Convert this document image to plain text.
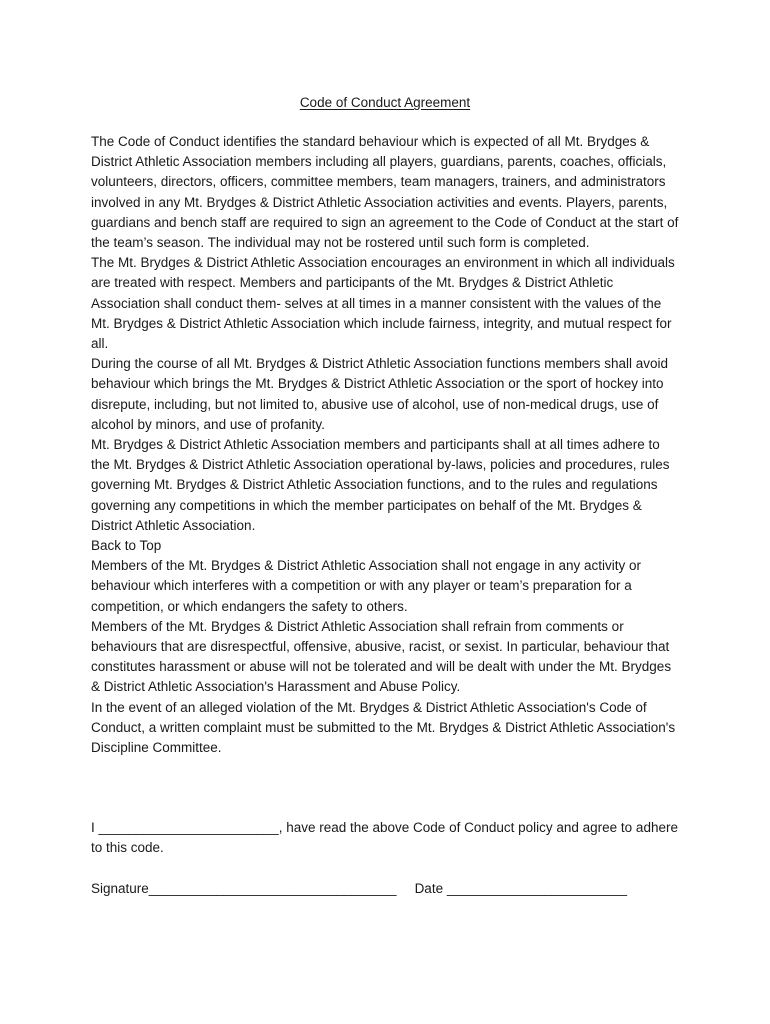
Code of Conduct Agreement

The Code of Conduct identifies the standard behaviour which is expected of all Mt. Brydges & District Athletic Association members including all players, guardians, parents, coaches, officials, volunteers, directors, officers, committee members, team managers, trainers, and administrators involved in any Mt. Brydges & District Athletic Association activities and events. Players, parents, guardians and bench staff are required to sign an agreement to the Code of Conduct at the start of the team’s season. The individual may not be rostered until such form is completed.

The Mt. Brydges & District Athletic Association encourages an environment in which all individuals are treated with respect. Members and participants of the Mt. Brydges & District Athletic Association shall conduct them- selves at all times in a manner consistent with the values of the Mt. Brydges & District Athletic Association which include fairness, integrity, and mutual respect for all.

During the course of all Mt. Brydges & District Athletic Association functions members shall avoid behaviour which brings the Mt. Brydges & District Athletic Association or the sport of hockey into disrepute, including, but not limited to, abusive use of alcohol, use of non-medical drugs, use of alcohol by minors, and use of profanity.

Mt. Brydges & District Athletic Association members and participants shall at all times adhere to the Mt. Brydges & District Athletic Association operational by-laws, policies and procedures, rules governing Mt. Brydges & District Athletic Association functions, and to the rules and regulations governing any competitions in which the member participates on behalf of the Mt. Brydges & District Athletic Association.

Back to Top

Members of the Mt. Brydges & District Athletic Association shall not engage in any activity or behaviour which interferes with a competition or with any player or team’s preparation for a competition, or which endangers the safety to others.

Members of the Mt. Brydges & District Athletic Association shall refrain from comments or behaviours that are disrespectful, offensive, abusive, racist, or sexist. In particular, behaviour that constitutes harassment or abuse will not be tolerated and will be dealt with under the Mt. Brydges & District Athletic Association's Harassment and Abuse Policy.

In the event of an alleged violation of the Mt. Brydges & District Athletic Association's Code of Conduct, a written complaint must be submitted to the Mt. Brydges & District Athletic Association's Discipline Committee.

I ________________________, have read the above Code of Conduct policy and agree to adhere to this code.

Signature_________________________________ Date ________________________
